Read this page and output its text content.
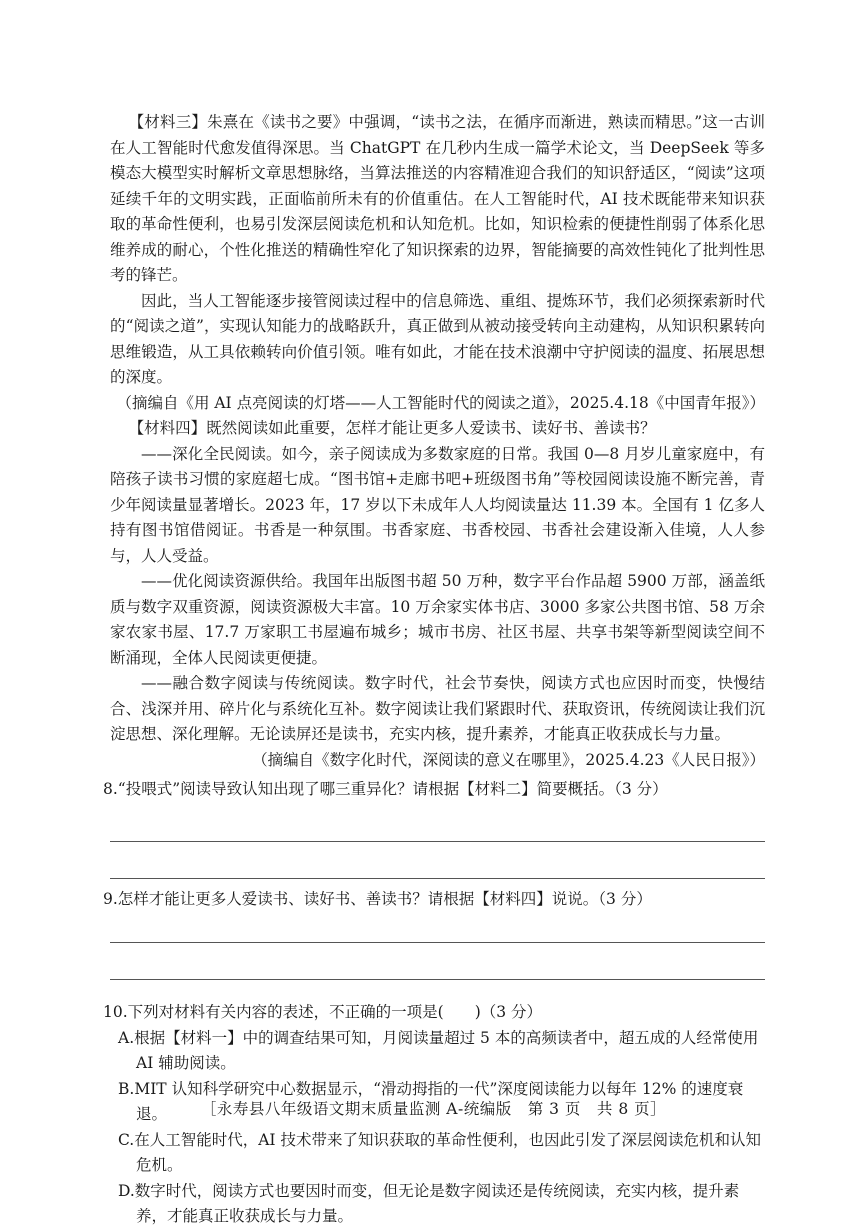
【材料三】朱熹在《读书之要》中强调，“读书之法，在循序而渐进，熟读而精思。”这一古训在人工智能时代愈发值得深思。当 ChatGPT 在几秒内生成一篇学术论文，当 DeepSeek 等多模态大模型实时解析文章思想脉络，当算法推送的内容精准迎合我们的知识舒适区，“阅读”这项延续千年的文明实践，正面临前所未有的价值重估。在人工智能时代，AI 技术既能带来知识获取的革命性便利，也易引发深层阅读危机和认知危机。比如，知识检索的便捷性削弱了体系化思维养成的耐心，个性化推送的精确性窄化了知识探索的边界，智能摘要的高效性钝化了批判性思考的锋芒。

因此，当人工智能逐步接管阅读过程中的信息筛选、重组、提炼环节，我们必须探索新时代的“阅读之道”，实现认知能力的战略跃升，真正做到从被动接受转向主动建构，从知识积累转向思维锻造，从工具依赖转向价值引领。唯有如此，才能在技术浪潮中守护阅读的温度、拓展思想的深度。

（摘编自《用 AI 点亮阅读的灯塔——人工智能时代的阅读之道》，2025.4.18《中国青年报》）

【材料四】既然阅读如此重要，怎样才能让更多人爱读书、读好书、善读书？

——深化全民阅读。如今，亲子阅读成为多数家庭的日常。我国 0—8 月岁儿童家庭中，有陪孩子读书习惯的家庭超七成。“图书馆+走廊书吧+班级图书角”等校园阅读设施不断完善，青少年阅读量显著增长。2023 年，17 岁以下未成年人人均阅读量达 11.39 本。全国有 1 亿多人持有图书馆借阅证。书香是一种氛围。书香家庭、书香校园、书香社会建设渐入佳境，人人参与，人人受益。

——优化阅读资源供给。我国年出版图书超 50 万种，数字平台作品超 5900 万部，涵盖纸质与数字双重资源，阅读资源极大丰富。10 万余家实体书店、3000 多家公共图书馆、58 万余家农家书屋、17.7 万家职工书屋遍布城乡；城市书房、社区书屋、共享书架等新型阅读空间不断涌现，全体人民阅读更便捷。

——融合数字阅读与传统阅读。数字时代，社会节奏快，阅读方式也应因时而变，快慢结合、浅深并用、碎片化与系统化互补。数字阅读让我们紧跟时代、获取资讯，传统阅读让我们沉淀思想、深化理解。无论读屏还是读书，充实内核，提升素养，才能真正收获成长与力量。

（摘编自《数字化时代，深阅读的意义在哪里》，2025.4.23《人民日报》）

8.“投喂式”阅读导致认知出现了哪三重异化？请根据【材料二】简要概括。（3 分）

9.怎样才能让更多人爱读书、读好书、善读书？请根据【材料四】说说。（3 分）

10.下列对材料有关内容的表述，不正确的一项是(　　)（3 分）

A.根据【材料一】中的调查结果可知，月阅读量超过 5 本的高频读者中，超五成的人经常使用 AI 辅助阅读。

B.MIT 认知科学研究中心数据显示，“滑动拇指的一代”深度阅读能力以每年 12% 的速度衰退。

C.在人工智能时代，AI 技术带来了知识获取的革命性便利，也因此引发了深层阅读危机和认知危机。

D.数字时代，阅读方式也要因时而变，但无论是数字阅读还是传统阅读，充实内核，提升素养，才能真正收获成长与力量。

［永寿县八年级语文期末质量监测 A-统编版　第 3 页　共 8 页］
